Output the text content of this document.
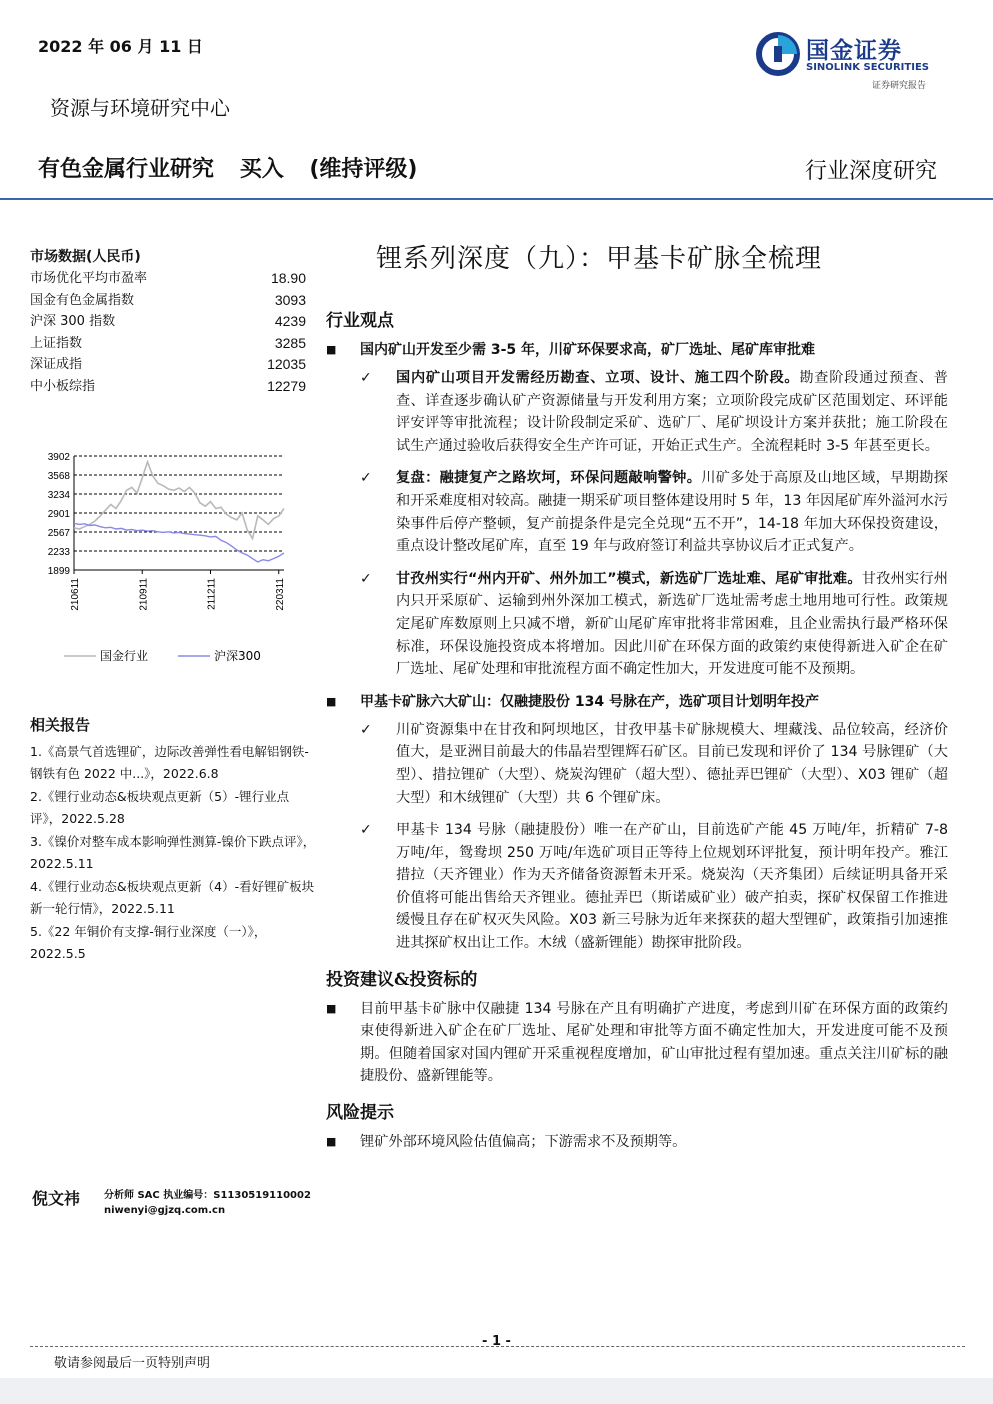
2022 年 06 月 11 日	国金证券
SINOLINK SECURITIES
证券研究报告
资源与环境研究中心
有色金属行业研究 买入 (维持评级)	行业深度研究
市场数据(人民币)
市场优化平均市盈率	18.90
国金有色金属指数	3093
沪深 300 指数	4239
上证指数	3285
深证成指	12035
中小板综指	12279
3902
3568
3234
2901
2567
2233
1899
210611	210911	211211	220311
国金行业	沪深300
相关报告
1.《高景气首选锂矿，边际改善弹性看电解铝钢铁-钢铁有色 2022 中...》，2022.6.8
2.《锂行业动态&板块观点更新（5）-锂行业点评》，2022.5.28
3.《镍价对整车成本影响弹性测算-镍价下跌点评》，2022.5.11
4.《锂行业动态&板块观点更新（4）-看好锂矿板块新一轮行情》，2022.5.11
5.《22 年铜价有支撑-铜行业深度（一）》，2022.5.5
倪文祎 分析师 SAC 执业编号：S1130519110002
niwenyi@gjzq.com.cn
锂系列深度（九）：甲基卡矿脉全梳理
行业观点
■ 国内矿山开发至少需 3-5 年，川矿环保要求高，矿厂选址、尾矿库审批难
✓ 国内矿山项目开发需经历勘查、立项、设计、施工四个阶段。勘查阶段通过预查、普查、详查逐步确认矿产资源储量与开发利用方案；立项阶段完成矿区范围划定、环评能评安评等审批流程；设计阶段制定采矿、选矿厂、尾矿坝设计方案并获批；施工阶段在试生产通过验收后获得安全生产许可证，开始正式生产。全流程耗时 3-5 年甚至更长。
✓ 复盘：融捷复产之路坎坷，环保问题敲响警钟。川矿多处于高原及山地区域，早期勘探和开采难度相对较高。融捷一期采矿项目整体建设用时 5 年，13 年因尾矿库外溢河水污染事件后停产整顿，复产前提条件是完全兑现“五不开”，14-18 年加大环保投资建设，重点设计整改尾矿库，直至 19 年与政府签订利益共享协议后才正式复产。
✓ 甘孜州实行“州内开矿、州外加工”模式，新选矿厂选址难、尾矿审批难。甘孜州实行州内只开采原矿、运输到州外深加工模式，新选矿厂选址需考虑土地用地可行性。政策规定尾矿库数原则上只减不增，新矿山尾矿库审批将非常困难，且企业需执行最严格环保标准，环保设施投资成本将增加。因此川矿在环保方面的政策约束使得新进入矿企在矿厂选址、尾矿处理和审批流程方面不确定性加大，开发进度可能不及预期。
■ 甲基卡矿脉六大矿山：仅融捷股份 134 号脉在产，选矿项目计划明年投产
✓ 川矿资源集中在甘孜和阿坝地区，甘孜甲基卡矿脉规模大、埋藏浅、品位较高，经济价值大，是亚洲目前最大的伟晶岩型锂辉石矿区。目前已发现和评价了 134 号脉锂矿（大型）、措拉锂矿（大型）、烧炭沟锂矿（超大型）、德扯弄巴锂矿（大型）、X03 锂矿（超大型）和木绒锂矿（大型）共 6 个锂矿床。
✓ 甲基卡 134 号脉（融捷股份）唯一在产矿山，目前选矿产能 45 万吨/年，折精矿 7-8 万吨/年，鸳鸯坝 250 万吨/年选矿项目正等待上位规划环评批复，预计明年投产。雅江措拉（天齐锂业）作为天齐储备资源暂未开采。烧炭沟（天齐集团）后续证明具备开采价值将可能出售给天齐锂业。德扯弄巴（斯诺威矿业）破产拍卖，探矿权保留工作推进缓慢且存在矿权灭失风险。X03 新三号脉为近年来探获的超大型锂矿，政策指引加速推进其探矿权出让工作。木绒（盛新锂能）勘探审批阶段。
投资建议&投资标的
■ 目前甲基卡矿脉中仅融捷 134 号脉在产且有明确扩产进度，考虑到川矿在环保方面的政策约束使得新进入矿企在矿厂选址、尾矿处理和审批等方面不确定性加大，开发进度可能不及预期。但随着国家对国内锂矿开采重视程度增加，矿山审批过程有望加速。重点关注川矿标的融捷股份、盛新锂能等。
风险提示
■ 锂矿外部环境风险估值偏高；下游需求不及预期等。
- 1 -
敬请参阅最后一页特别声明
